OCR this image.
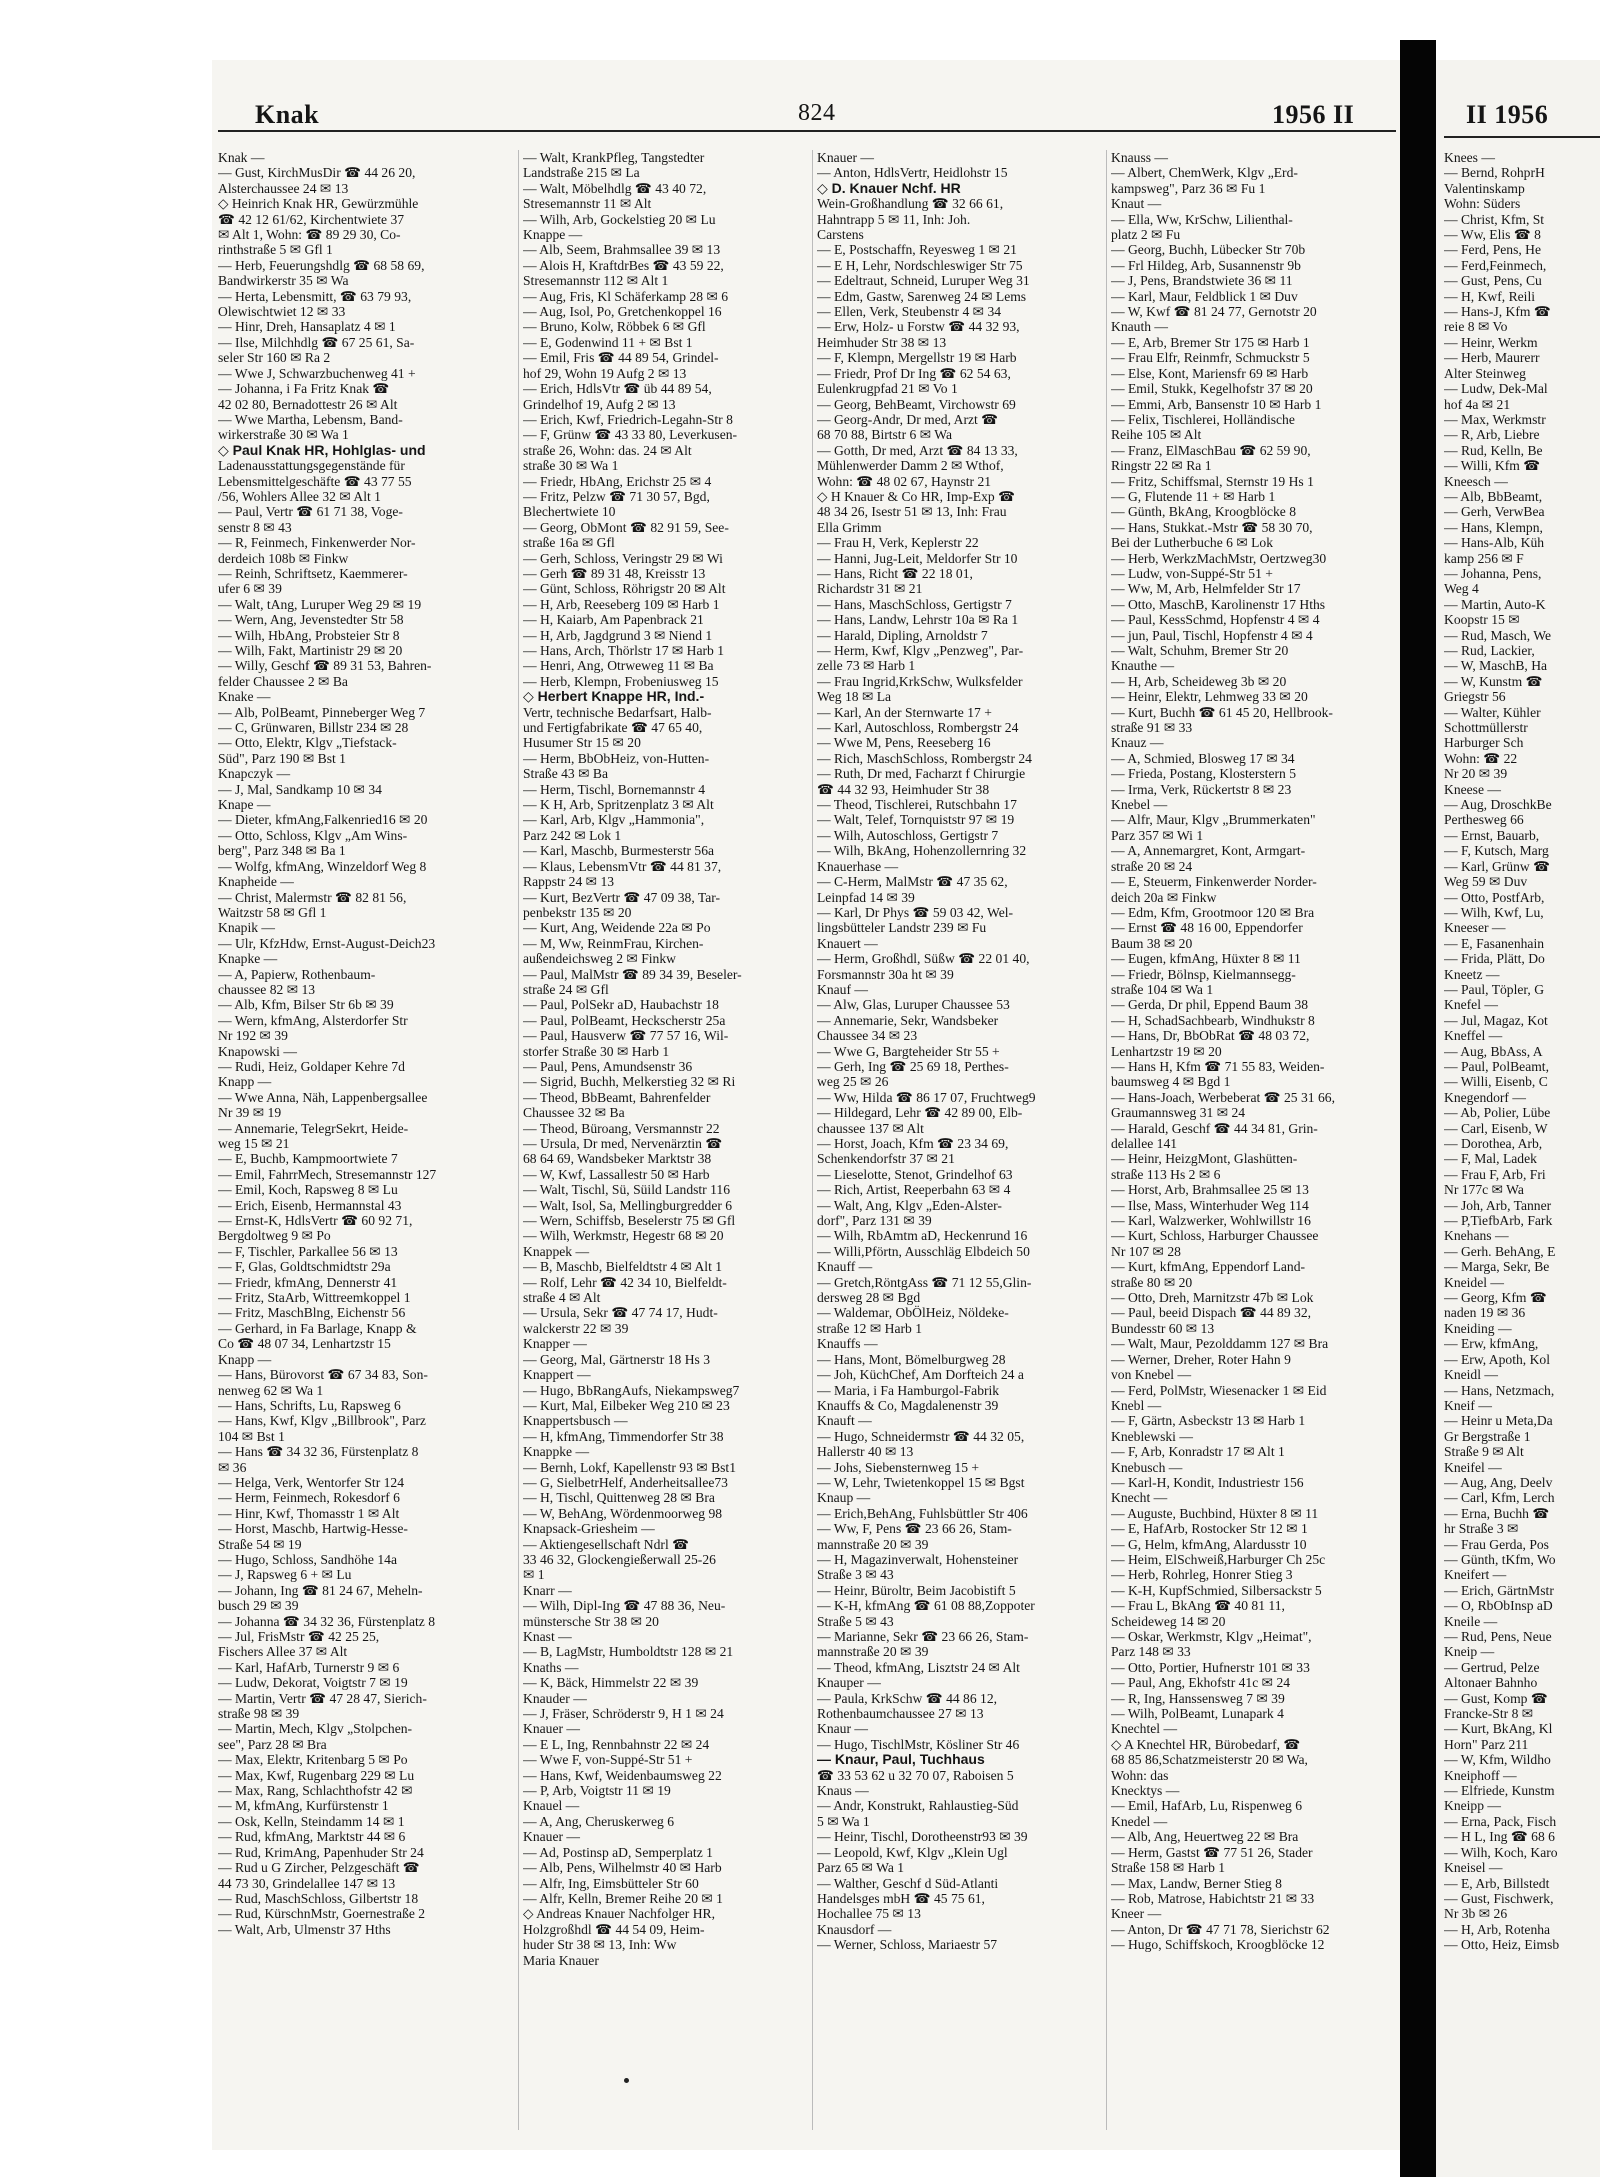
Knak	824	1956 II	II 1956
Knak —
— Gust, KirchMusDir ☎ 44 26 20,
Alsterchaussee 24 ✉ 13
◇ Heinrich Knak HR, Gewürzmühle
☎ 42 12 61/62, Kirchentwiete 37
✉ Alt 1, Wohn: ☎ 89 29 30, Co-
rinthstraße 5 ✉ Gfl 1
— Herb, Feuerungshdlg ☎ 68 58 69,
Bandwirkerstr 35 ✉ Wa
— Herta, Lebensmitt, ☎ 63 79 93,
Olewischtwiet 12 ✉ 33
— Hinr, Dreh, Hansaplatz 4 ✉ 1
— Ilse, Milchhdlg ☎ 67 25 61, Sa-
seler Str 160 ✉ Ra 2
— Wwe J, Schwarzbuchenweg 41 +
— Johanna, i Fa Fritz Knak ☎
42 02 80, Bernadottestr 26 ✉ Alt
— Wwe Martha, Lebensm, Band-
wirkerstraße 30 ✉ Wa 1
◇ Paul Knak HR, Hohlglas- und
Ladenausstattungsgegenstände für
Lebensmittelgeschäfte ☎ 43 77 55
/56, Wohlers Allee 32 ✉ Alt 1
— Paul, Vertr ☎ 61 71 38, Voge-
senstr 8 ✉ 43
— R, Feinmech, Finkenwerder Nor-
derdeich 108b ✉ Finkw
— Reinh, Schriftsetz, Kaemmerer-
ufer 6 ✉ 39
— Walt, tAng, Luruper Weg 29 ✉ 19
— Wern, Ang, Jevenstedter Str 58
— Wilh, HbAng, Probsteier Str 8
— Wilh, Fakt, Martinistr 29 ✉ 20
— Willy, Geschf ☎ 89 31 53, Bahren-
felder Chaussee 2 ✉ Ba
Knake —
— Alb, PolBeamt, Pinneberger Weg 7
— C, Grünwaren, Billstr 234 ✉ 28
— Otto, Elektr, Klgv „Tiefstack-
Süd", Parz 190 ✉ Bst 1
Knapczyk —
— J, Mal, Sandkamp 10 ✉ 34
Knape —
— Dieter, kfmAng,Falkenried16 ✉ 20
— Otto, Schloss, Klgv „Am Wins-
berg", Parz 348 ✉ Ba 1
— Wolfg, kfmAng, Winzeldorf Weg 8
Knapheide —
— Christ, Malermstr ☎ 82 81 56,
Waitzstr 58 ✉ Gfl 1
Knapik —
— Ulr, KfzHdw, Ernst-August-Deich23
Knapke —
— A, Papierw, Rothenbaum-
chaussee 82 ✉ 13
— Alb, Kfm, Bilser Str 6b ✉ 39
— Wern, kfmAng, Alsterdorfer Str
Nr 192 ✉ 39
Knapowski —
— Rudi, Heiz, Goldaper Kehre 7d
Knapp —
— Wwe Anna, Näh, Lappenbergsallee
Nr 39 ✉ 19
— Annemarie, TelegrSekrt, Heide-
weg 15 ✉ 21
— E, Buchb, Kampmoortwiete 7
— Emil, FahrrMech, Stresemannstr 127
— Emil, Koch, Rapsweg 8 ✉ Lu
— Erich, Eisenb, Hermannstal 43
— Ernst-K, HdlsVertr ☎ 60 92 71,
Bergdoltweg 9 ✉ Po
— F, Tischler, Parkallee 56 ✉ 13
— F, Glas, Goldtschmidtstr 29a
— Friedr, kfmAng, Dennerstr 41
— Fritz, StaArb, Wittreemkoppel 1
— Fritz, MaschBlng, Eichenstr 56
— Gerhard, in Fa Barlage, Knapp &
Co ☎ 48 07 34, Lenhartzstr 15
Knapp —
— Hans, Bürovorst ☎ 67 34 83, Son-
nenweg 62 ✉ Wa 1
— Hans, Schrifts, Lu, Rapsweg 6
— Hans, Kwf, Klgv „Billbrook", Parz
104 ✉ Bst 1
— Hans ☎ 34 32 36, Fürstenplatz 8
✉ 36
— Helga, Verk, Wentorfer Str 124
— Herm, Feinmech, Rokesdorf 6
— Hinr, Kwf, Thomasstr 1 ✉ Alt
— Horst, Maschb, Hartwig-Hesse-
Straße 54 ✉ 19
— Hugo, Schloss, Sandhöhe 14a
— J, Rapsweg 6 + ✉ Lu
— Johann, Ing ☎ 81 24 67, Meheln-
busch 29 ✉ 39
— Johanna ☎ 34 32 36, Fürstenplatz 8
— Jul, FrisMstr ☎ 42 25 25,
Fischers Allee 37 ✉ Alt
— Karl, HafArb, Turnerstr 9 ✉ 6
— Ludw, Dekorat, Voigtstr 7 ✉ 19
— Martin, Vertr ☎ 47 28 47, Sierich-
straße 98 ✉ 39
— Martin, Mech, Klgv „Stolpchen-
see", Parz 28 ✉ Bra
— Max, Elektr, Kritenbarg 5 ✉ Po
— Max, Kwf, Rugenbarg 229 ✉ Lu
— Max, Rang, Schlachthofstr 42 ✉
— M, kfmAng, Kurfürstenstr 1
— Osk, Kelln, Steindamm 14 ✉ 1
— Rud, kfmAng, Marktstr 44 ✉ 6
— Rud, KrimAng, Papenhuder Str 24
— Rud u G Zircher, Pelzgeschäft ☎
44 73 30, Grindelallee 147 ✉ 13
— Rud, MaschSchloss, Gilbertstr 18
— Rud, KürschnMstr, Goernestraße 2
— Walt, Arb, Ulmenstr 37 Hths
— Walt, KrankPfleg, Tangstedter
Landstraße 215 ✉ La
— Walt, Möbelhdlg ☎ 43 40 72,
Stresemannstr 11 ✉ Alt
— Wilh, Arb, Gockelstieg 20 ✉ Lu
Knappe —
— Alb, Seem, Brahmsallee 39 ✉ 13
— Alois H, KraftdrBes ☎ 43 59 22,
Stresemannstr 112 ✉ Alt 1
— Aug, Fris, Kl Schäferkamp 28 ✉ 6
— Aug, Isol, Po, Gretchenkoppel 16
— Bruno, Kolw, Röbbek 6 ✉ Gfl
— E, Godenwind 11 + ✉ Bst 1
— Emil, Fris ☎ 44 89 54, Grindel-
hof 29, Wohn 19 Aufg 2 ✉ 13
— Erich, HdlsVtr ☎ üb 44 89 54,
Grindelhof 19, Aufg 2 ✉ 13
— Erich, Kwf, Friedrich-Legahn-Str 8
— F, Grünw ☎ 43 33 80, Leverkusen-
straße 26, Wohn: das. 24 ✉ Alt
straße 30 ✉ Wa 1
— Friedr, HbAng, Erichstr 25 ✉ 4
— Fritz, Pelzw ☎ 71 30 57, Bgd,
Blechertwiete 10
— Georg, ObMont ☎ 82 91 59, See-
straße 16a ✉ Gfl
— Gerh, Schloss, Veringstr 29 ✉ Wi
— Gerh ☎ 89 31 48, Kreisstr 13
— Günt, Schloss, Röhrigstr 20 ✉ Alt
— H, Arb, Reeseberg 109 ✉ Harb 1
— H, Kaiarb, Am Papenbrack 21
— H, Arb, Jagdgrund 3 ✉ Niend 1
— Hans, Arch, Thörlstr 17 ✉ Harb 1
— Henri, Ang, Otrweweg 11 ✉ Ba
— Herb, Klempn, Frobeniusweg 15
◇ Herbert Knappe HR, Ind.-
Vertr, technische Bedarfsart, Halb-
und Fertigfabrikate ☎ 47 65 40,
Husumer Str 15 ✉ 20
— Herm, BbObHeiz, von-Hutten-
Straße 43 ✉ Ba
— Herm, Tischl, Bornemannstr 4
— K H, Arb, Spritzenplatz 3 ✉ Alt
— Karl, Arb, Klgv „Hammonia",
Parz 242 ✉ Lok 1
— Karl, Maschb, Burmesterstr 56a
— Klaus, LebensmVtr ☎ 44 81 37,
Rappstr 24 ✉ 13
— Kurt, BezVertr ☎ 47 09 38, Tar-
penbekstr 135 ✉ 20
— Kurt, Ang, Weidende 22a ✉ Po
— M, Ww, ReinmFrau, Kirchen-
außendeichsweg 2 ✉ Finkw
— Paul, MalMstr ☎ 89 34 39, Beseler-
straße 24 ✉ Gfl
— Paul, PolSekr aD, Haubachstr 18
— Paul, PolBeamt, Heckscherstr 25a
— Paul, Hausverw ☎ 77 57 16, Wil-
storfer Straße 30 ✉ Harb 1
— Paul, Pens, Amundsenstr 36
— Sigrid, Buchh, Melkerstieg 32 ✉ Ri
— Theod, BbBeamt, Bahrenfelder
Chaussee 32 ✉ Ba
— Theod, Büroang, Versmannstr 22
— Ursula, Dr med, Nervenärztin ☎
68 64 69, Wandsbeker Marktstr 38
— W, Kwf, Lassallestr 50 ✉ Harb
— Walt, Tischl, Sü, Süild Landstr 116
— Walt, Isol, Sa, Mellingburgredder 6
— Wern, Schiffsb, Beselerstr 75 ✉ Gfl
— Wilh, Werkmstr, Hegestr 68 ✉ 20
Knappek —
— B, Maschb, Bielfeldtstr 4 ✉ Alt 1
— Rolf, Lehr ☎ 42 34 10, Bielfeldt-
straße 4 ✉ Alt
— Ursula, Sekr ☎ 47 74 17, Hudt-
walckerstr 22 ✉ 39
Knapper —
— Georg, Mal, Gärtnerstr 18 Hs 3
Knappert —
— Hugo, BbRangAufs, Niekampsweg7
— Kurt, Mal, Eilbeker Weg 210 ✉ 23
Knappertsbusch —
— H, kfmAng, Timmendorfer Str 38
Knappke —
— Bernh, Lokf, Kapellenstr 93 ✉ Bst1
— G, SielbetrHelf, Anderheitsallee73
— H, Tischl, Quittenweg 28 ✉ Bra
— W, BehAng, Wördenmoorweg 98
Knapsack-Griesheim —
— Aktiengesellschaft Ndrl ☎
33 46 32, Glockengießerwall 25-26
✉ 1
Knarr —
— Wilh, Dipl-Ing ☎ 47 88 36, Neu-
münstersche Str 38 ✉ 20
Knast —
— B, LagMstr, Humboldtstr 128 ✉ 21
Knaths —
— K, Bäck, Himmelstr 22 ✉ 39
Knauder —
— J, Fräser, Schröderstr 9, H 1 ✉ 24
Knauer —
— E L, Ing, Rennbahnstr 22 ✉ 24
— Wwe F, von-Suppé-Str 51 +
— Hans, Kwf, Weidenbaumsweg 22
— P, Arb, Voigtstr 11 ✉ 19
Knauel —
— A, Ang, Cheruskerweg 6
Knauer —
— Ad, Postinsp aD, Semperplatz 1
— Alb, Pens, Wilhelmstr 40 ✉ Harb
— Alfr, Ing, Eimsbütteler Str 60
— Alfr, Kelln, Bremer Reihe 20 ✉ 1
◇ Andreas Knauer Nachfolger HR,
Holzgroßhdl ☎ 44 54 09, Heim-
huder Str 38 ✉ 13, Inh: Ww
Maria Knauer
Knauer —
— Anton, HdlsVertr, Heidlohstr 15
◇ D. Knauer Nchf. HR
Wein-Großhandlung ☎ 32 66 61,
Hahntrapp 5 ✉ 11, Inh: Joh.
Carstens
— E, Postschaffn, Reyesweg 1 ✉ 21
— E H, Lehr, Nordschleswiger Str 75
— Edeltraut, Schneid, Luruper Weg 31
— Edm, Gastw, Sarenweg 24 ✉ Lems
— Ellen, Verk, Steubenstr 4 ✉ 34
— Erw, Holz- u Forstw ☎ 44 32 93,
Heimhuder Str 38 ✉ 13
— F, Klempn, Mergellstr 19 ✉ Harb
— Friedr, Prof Dr Ing ☎ 62 54 63,
Eulenkrugpfad 21 ✉ Vo 1
— Georg, BehBeamt, Virchowstr 69
— Georg-Andr, Dr med, Arzt ☎
68 70 88, Birtstr 6 ✉ Wa
— Gotth, Dr med, Arzt ☎ 84 13 33,
Mühlenwerder Damm 2 ✉ Wthof,
Wohn: ☎ 48 02 67, Haynstr 21
◇ H Knauer & Co HR, Imp-Exp ☎
48 34 26, Isestr 51 ✉ 13, Inh: Frau
Ella Grimm
— Frau H, Verk, Keplerstr 22
— Hanni, Jug-Leit, Meldorfer Str 10
— Hans, Richt ☎ 22 18 01,
Richardstr 31 ✉ 21
— Hans, MaschSchloss, Gertigstr 7
— Hans, Landw, Lehrstr 10a ✉ Ra 1
— Harald, Dipling, Arnoldstr 7
— Herm, Kwf, Klgv „Penzweg", Par-
zelle 73 ✉ Harb 1
— Frau Ingrid,KrkSchw, Wulksfelder
Weg 18 ✉ La
— Karl, An der Sternwarte 17 +
— Karl, Autoschloss, Rombergstr 24
— Wwe M, Pens, Reeseberg 16
— Rich, MaschSchloss, Rombergstr 24
— Ruth, Dr med, Facharzt f Chirurgie
☎ 44 32 93, Heimhuder Str 38
— Theod, Tischlerei, Rutschbahn 17
— Walt, Telef, Tornquiststr 97 ✉ 19
— Wilh, Autoschloss, Gertigstr 7
— Wilh, BkAng, Hohenzollernring 32
Knauerhase —
— C-Herm, MalMstr ☎ 47 35 62,
Leinpfad 14 ✉ 39
— Karl, Dr Phys ☎ 59 03 42, Wel-
lingsbütteler Landstr 239 ✉ Fu
Knauert —
— Herm, Großhdl, Süßw ☎ 22 01 40,
Forsmannstr 30a ht ✉ 39
Knauf —
— Alw, Glas, Luruper Chaussee 53
— Annemarie, Sekr, Wandsbeker
Chaussee 34 ✉ 23
— Wwe G, Bargteheider Str 55 +
— Gerh, Ing ☎ 25 69 18, Perthes-
weg 25 ✉ 26
— Ww, Hilda ☎ 86 17 07, Fruchtweg9
— Hildegard, Lehr ☎ 42 89 00, Elb-
chaussee 137 ✉ Alt
— Horst, Joach, Kfm ☎ 23 34 69,
Schenkendorfstr 37 ✉ 21
— Lieselotte, Stenot, Grindelhof 63
— Rich, Artist, Reeperbahn 63 ✉ 4
— Walt, Ang, Klgv „Eden-Alster-
dorf", Parz 131 ✉ 39
— Wilh, RbAmtm aD, Heckenrund 16
— Willi,Pförtn, Ausschläg Elbdeich 50
Knauff —
— Gretch,RöntgAss ☎ 71 12 55,Glin-
dersweg 28 ✉ Bgd
— Waldemar, ObÖlHeiz, Nöldeke-
straße 12 ✉ Harb 1
Knauffs —
— Hans, Mont, Bömelburgweg 28
— Joh, KüchChef, Am Dorfteich 24 a
— Maria, i Fa Hamburgol-Fabrik
Knauffs & Co, Magdalenenstr 39
Knauft —
— Hugo, Schneidermstr ☎ 44 32 05,
Hallerstr 40 ✉ 13
— Johs, Siebensternweg 15 +
— W, Lehr, Twietenkoppel 15 ✉ Bgst
Knaup —
— Erich,BehAng, Fuhlsbüttler Str 406
— Ww, F, Pens ☎ 23 66 26, Stam-
mannstraße 20 ✉ 39
— H, Magazinverwalt, Hohensteiner
Straße 3 ✉ 43
— Heinr, Büroltr, Beim Jacobistift 5
— K-H, kfmAng ☎ 61 08 88,Zoppoter
Straße 5 ✉ 43
— Marianne, Sekr ☎ 23 66 26, Stam-
mannstraße 20 ✉ 39
— Theod, kfmAng, Lisztstr 24 ✉ Alt
Knauper —
— Paula, KrkSchw ☎ 44 86 12,
Rothenbaumchaussee 27 ✉ 13
Knaur —
— Hugo, TischlMstr, Kösliner Str 46
— Knaur, Paul, Tuchhaus
☎ 33 53 62 u 32 70 07, Raboisen 5
Knaus —
— Andr, Konstrukt, Rahlaustieg-Süd
5 ✉ Wa 1
— Heinr, Tischl, Dorotheenstr93 ✉ 39
— Leopold, Kwf, Klgv „Klein Ugl
Parz 65 ✉ Wa 1
— Walther, Geschf d Süd-Atlanti
Handelsges mbH ☎ 45 75 61,
Hochallee 75 ✉ 13
Knausdorf —
— Werner, Schloss, Mariaestr 57
Knauss —
— Albert, ChemWerk, Klgv „Erd-
kampsweg", Parz 36 ✉ Fu 1
Knaut —
— Ella, Ww, KrSchw, Lilienthal-
platz 2 ✉ Fu
— Georg, Buchh, Lübecker Str 70b
— Frl Hildeg, Arb, Susannenstr 9b
— J, Pens, Brandstwiete 36 ✉ 11
— Karl, Maur, Feldblick 1 ✉ Duv
— W, Kwf ☎ 81 24 77, Gernotstr 20
Knauth —
— E, Arb, Bremer Str 175 ✉ Harb 1
— Frau Elfr, Reinmfr, Schmuckstr 5
— Else, Kont, Mariensfr 69 ✉ Harb
— Emil, Stukk, Kegelhofstr 37 ✉ 20
— Emmi, Arb, Bansenstr 10 ✉ Harb 1
— Felix, Tischlerei, Holländische
Reihe 105 ✉ Alt
— Franz, ElMaschBau ☎ 62 59 90,
Ringstr 22 ✉ Ra 1
— Fritz, Schiffsmal, Sternstr 19 Hs 1
— G, Flutende 11 + ✉ Harb 1
— Günth, BkAng, Kroogblöcke 8
— Hans, Stukkat.-Mstr ☎ 58 30 70,
Bei der Lutherbuche 6 ✉ Lok
— Herb, WerkzMachMstr, Oertzweg30
— Ludw, von-Suppé-Str 51 +
— Ww, M, Arb, Helmfelder Str 17
— Otto, MaschB, Karolinenstr 17 Hths
— Paul, KessSchmd, Hopfenstr 4 ✉ 4
— jun, Paul, Tischl, Hopfenstr 4 ✉ 4
— Walt, Schuhm, Bremer Str 20
Knauthe —
— H, Arb, Scheideweg 3b ✉ 20
— Heinr, Elektr, Lehmweg 33 ✉ 20
— Kurt, Buchh ☎ 61 45 20, Hellbrook-
straße 91 ✉ 33
Knauz —
— A, Schmied, Blosweg 17 ✉ 34
— Frieda, Postang, Klosterstern 5
— Irma, Verk, Rückertstr 8 ✉ 23
Knebel —
— Alfr, Maur, Klgv „Brummerkaten"
Parz 357 ✉ Wi 1
— A, Annemargret, Kont, Armgart-
straße 20 ✉ 24
— E, Steuerm, Finkenwerder Norder-
deich 20a ✉ Finkw
— Edm, Kfm, Grootmoor 120 ✉ Bra
— Ernst ☎ 48 16 00, Eppendorfer
Baum 38 ✉ 20
— Eugen, kfmAng, Hüxter 8 ✉ 11
— Friedr, Bölnsp, Kielmannsegg-
straße 104 ✉ Wa 1
— Gerda, Dr phil, Eppend Baum 38
— H, SchadSachbearb, Windhukstr 8
— Hans, Dr, BbObRat ☎ 48 03 72,
Lenhartzstr 19 ✉ 20
— Hans H, Kfm ☎ 71 55 83, Weiden-
baumsweg 4 ✉ Bgd 1
— Hans-Joach, Werbeberat ☎ 25 31 66,
Graumannsweg 31 ✉ 24
— Harald, Geschf ☎ 44 34 81, Grin-
delallee 141
— Heinr, HeizgMont, Glashütten-
straße 113 Hs 2 ✉ 6
— Horst, Arb, Brahmsallee 25 ✉ 13
— Ilse, Mass, Winterhuder Weg 114
— Karl, Walzwerker, Wohlwillstr 16
— Kurt, Schloss, Harburger Chaussee
Nr 107 ✉ 28
— Kurt, kfmAng, Eppendorf Land-
straße 80 ✉ 20
— Otto, Dreh, Marnitzstr 47b ✉ Lok
— Paul, beeid Dispach ☎ 44 89 32,
Bundesstr 60 ✉ 13
— Walt, Maur, Pezolddamm 127 ✉ Bra
— Werner, Dreher, Roter Hahn 9
von Knebel —
— Ferd, PolMstr, Wiesenacker 1 ✉ Eid
Knebl —
— F, Gärtn, Asbeckstr 13 ✉ Harb 1
Kneblewski —
— F, Arb, Konradstr 17 ✉ Alt 1
Knebusch —
— Karl-H, Kondit, Industriestr 156
Knecht —
— Auguste, Buchbind, Hüxter 8 ✉ 11
— E, HafArb, Rostocker Str 12 ✉ 1
— G, Helm, kfmAng, Alardusstr 10
— Heim, ElSchweiß,Harburger Ch 25c
— Herb, Rohrleg, Honrer Stieg 3
— K-H, KupfSchmied, Silbersackstr 5
— Frau L, BkAng ☎ 40 81 11,
Scheideweg 14 ✉ 20
— Oskar, Werkmstr, Klgv „Heimat",
Parz 148 ✉ 33
— Otto, Portier, Hufnerstr 101 ✉ 33
— Paul, Ang, Ekhofstr 41c ✉ 24
— R, Ing, Hanssensweg 7 ✉ 39
— Wilh, PolBeamt, Lunapark 4
Knechtel —
◇ A Knechtel HR, Bürobedarf, ☎
68 85 86,Schatzmeisterstr 20 ✉ Wa,
Wohn: das
Knecktys —
— Emil, HafArb, Lu, Rispenweg 6
Knedel —
— Alb, Ang, Heuertweg 22 ✉ Bra
— Herm, Gastst ☎ 77 51 26, Stader
Straße 158 ✉ Harb 1
— Max, Landw, Berner Stieg 8
— Rob, Matrose, Habichtstr 21 ✉ 33
Kneer —
— Anton, Dr ☎ 47 71 78, Sierichstr 62
— Hugo, Schiffskoch, Kroogblöcke 12
Knees —
— Bernd, RohprH
Valentinskamp
Wohn: Süders
— Christ, Kfm, St
— Ww, Elis ☎ 8
— Ferd, Pens, He
— Ferd,Feinmech,
— Gust, Pens, Cu
— H, Kwf, Reili
— Hans-J, Kfm ☎
reie 8 ✉ Vo
— Heinr, Werkm
— Herb, Maurerr
Alter Steinweg
— Ludw, Dek-Mal
hof 4a ✉ 21
— Max, Werkmstr
— R, Arb, Liebre
— Rud, Kelln, Be
— Willi, Kfm ☎
Kneesch —
— Alb, BbBeamt,
— Gerh, VerwBea
— Hans, Klempn,
— Hans-Alb, Küh
kamp 256 ✉ F
— Johanna, Pens,
Weg 4
— Martin, Auto-K
Koopstr 15 ✉
— Rud, Masch, We
— Rud, Lackier,
— W, MaschB, Ha
— W, Kunstm ☎
Griegstr 56
— Walter, Kühler
Schottmüllerstr
Harburger Sch
Wohn: ☎ 22
Nr 20 ✉ 39
Kneese —
— Aug, DroschkBe
Perthesweg 66
— Ernst, Bauarb,
— F, Kutsch, Marg
— Karl, Grünw ☎
Weg 59 ✉ Duv
— Otto, PostfArb,
— Wilh, Kwf, Lu,
Kneeser —
— E, Fasanenhain
— Frida, Plätt, Do
Kneetz —
— Paul, Töpler, G
Knefel —
— Jul, Magaz, Kot
Kneffel —
— Aug, BbAss, A
— Paul, PolBeamt,
— Willi, Eisenb, C
Knegendorf —
— Ab, Polier, Lübe
— Carl, Eisenb, W
— Dorothea, Arb,
— F, Mal, Ladek
— Frau F, Arb, Fri
Nr 177c ✉ Wa
— Joh, Arb, Tanner
— P,TiefbArb, Fark
Knehans —
— Gerh. BehAng, E
— Marga, Sekr, Be
Kneidel —
— Georg, Kfm ☎
naden 19 ✉ 36
Kneiding —
— Erw, kfmAng,
— Erw, Apoth, Kol
Kneidl —
— Hans, Netzmach,
Kneif —
— Heinr u Meta,Da
Gr Bergstraße 1
Straße 9 ✉ Alt
Kneifel —
— Aug, Ang, Deelv
— Carl, Kfm, Lerch
— Erna, Buchh ☎
hr Straße 3 ✉
— Frau Gerda, Pos
— Günth, tKfm, Wo
Kneifert —
— Erich, GärtnMstr
— O, RbObInsp aD
Kneile —
— Rud, Pens, Neue
Kneip —
— Gertrud, Pelze
Altonaer Bahnho
— Gust, Komp ☎
Francke-Str 8 ✉
— Kurt, BkAng, Kl
Horn" Parz 211
— W, Kfm, Wildho
Kneiphoff —
— Elfriede, Kunstm
Kneipp —
— Erna, Pack, Fisch
— H L, Ing ☎ 68 6
— Wilh, Koch, Karo
Kneisel —
— E, Arb, Billstedt
— Gust, Fischwerk,
Nr 3b ✉ 26
— H, Arb, Rotenha
— Otto, Heiz, Eimsb
